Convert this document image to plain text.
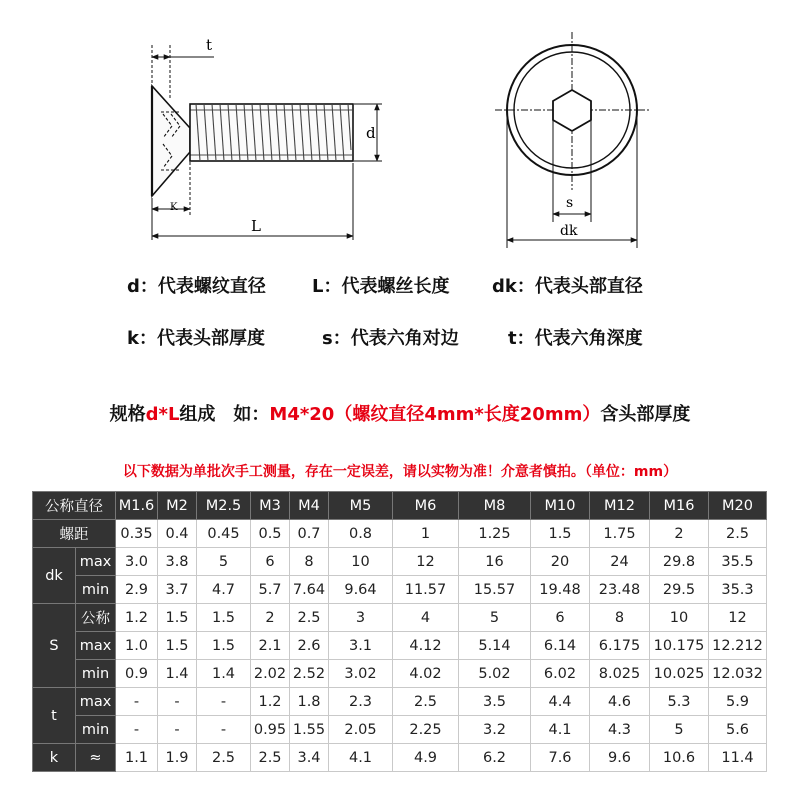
t
d
K
L
s
dk
d：代表螺纹直径	L：代表螺丝长度 dk：代表头部直径
k：代表头部厚度	s：代表六角对边	t：代表六角深度
规格d*L组成　如：M4*20（螺纹直径4mm*长度20mm）含头部厚度
以下数据为单批次手工测量，存在一定误差，请以实物为准！介意者慎拍。（单位：mm）
公称直径		M1.6	M2	M2.5	M3	M4	M5	M6	M8	M10	M12	M16	M20
螺距		0.35	0.4	0.45	0.5	0.7	0.8	1	1.25	1.5	1.75	2	2.5
dk	max	3.0	3.8	5	6	8	10	12	16	20	24	29.8	35.5
	min	2.9	3.7	4.7	5.7	7.64	9.64	11.57	15.57	19.48	23.48	29.5	35.3
S	公称	1.2	1.5	1.5	2	2.5	3	4	5	6	8	10	12
	max	1.0	1.5	1.5	2.1	2.6	3.1	4.12	5.14	6.14	6.175	10.175	12.212
	min	0.9	1.4	1.4	2.02	2.52	3.02	4.02	5.02	6.02	8.025	10.025	12.032
t	max	-	-	-	1.2	1.8	2.3	2.5	3.5	4.4	4.6	5.3	5.9
	min	-	-	-	0.95	1.55	2.05	2.25	3.2	4.1	4.3	5	5.6
k	≈	1.1	1.9	2.5	2.5	3.4	4.1	4.9	6.2	7.6	9.6	10.6	11.4
